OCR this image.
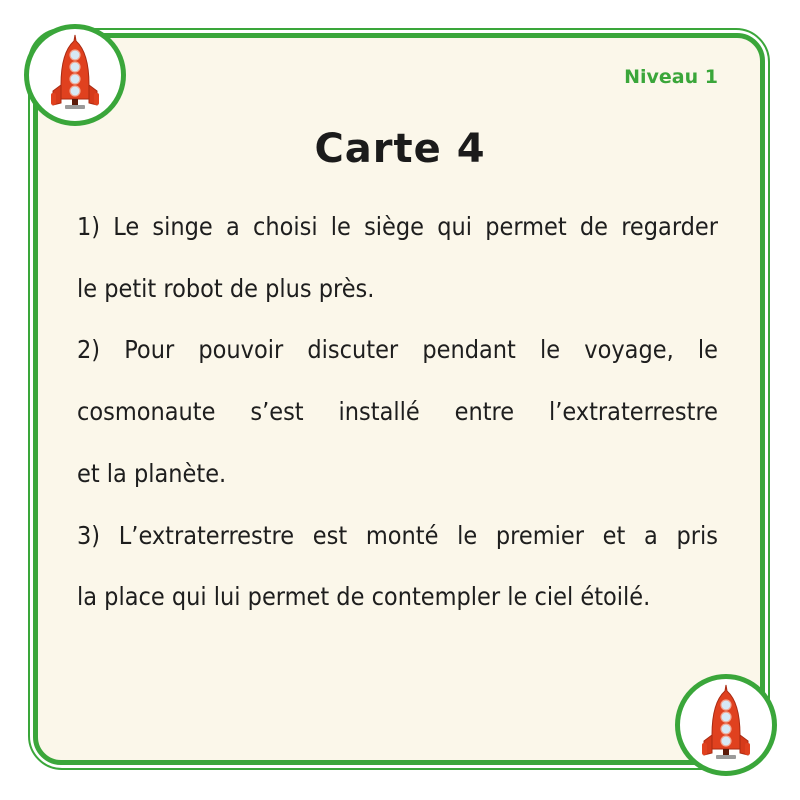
Niveau 1
Carte 4

1) Le singe a choisi le siège qui permet de regarder
le petit robot de plus près.

2) Pour pouvoir discuter pendant le voyage, le
cosmonaute s’est installé entre l’extraterrestre
et la planète.

3) L’extraterrestre est monté le premier et a pris
la place qui lui permet de contempler le ciel étoilé.
